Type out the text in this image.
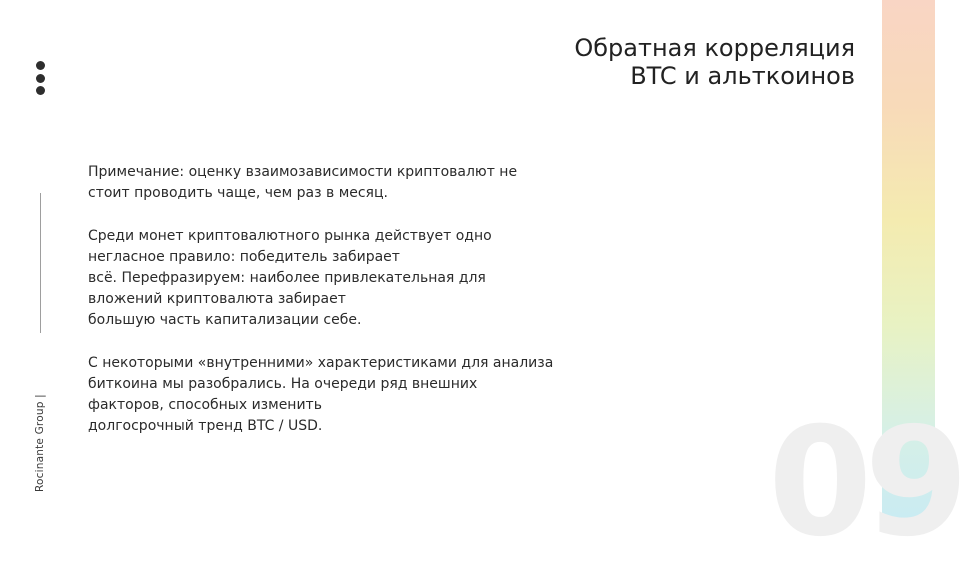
09
Rocinante Group |
Обратная корреляция
BTC и альткоинов

Примечание: оценку взаимозависимости криптовалют не
стоит проводить чаще, чем раз в месяц.

Среди монет криптовалютного рынка действует одно
негласное правило: победитель забирает
всё. Перефразируем: наиболее привлекательная для
вложений криптовалюта забирает
большую часть капитализации себе.

С некоторыми «внутренними» характеристиками для анализа
биткоина мы разобрались. На очереди ряд внешних
факторов, способных изменить
долгосрочный тренд BTC / USD.
